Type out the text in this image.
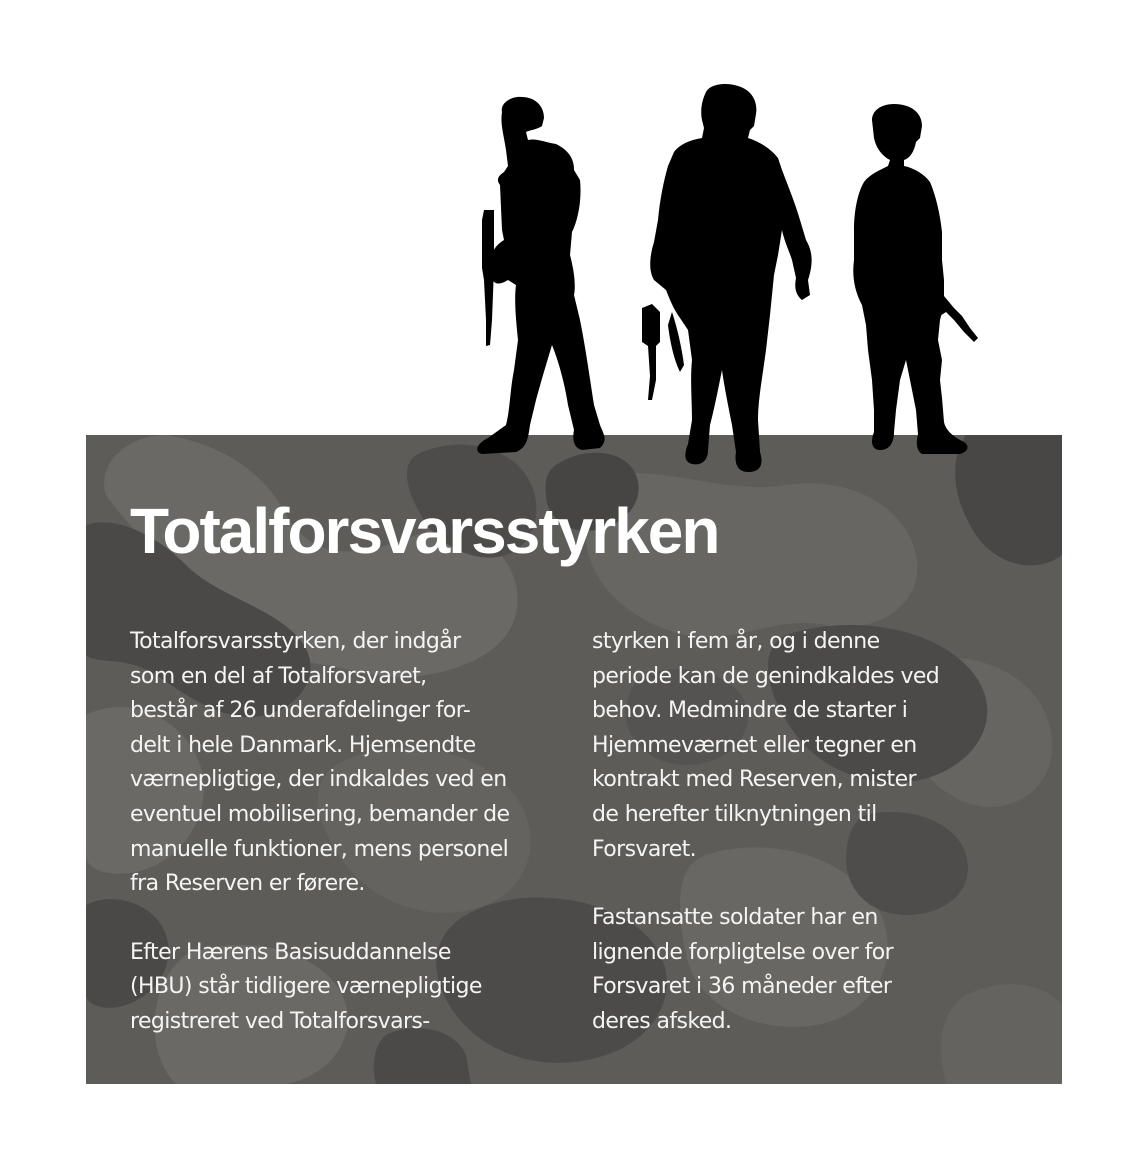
Totalforsvarsstyrken

Totalforsvarsstyrken, der indgår
som en del af Totalforsvaret,
består af 26 underafdelinger for-
delt i hele Danmark. Hjemsendte
værnepligtige, der indkaldes ved en
eventuel mobilisering, bemander de
manuelle funktioner, mens personel
fra Reserven er førere.

Efter Hærens Basisuddannelse
(HBU) står tidligere værnepligtige
registreret ved Totalforsvars-

styrken i fem år, og i denne
periode kan de genindkaldes ved
behov. Medmindre de starter i
Hjemmeværnet eller tegner en
kontrakt med Reserven, mister
de herefter tilknytningen til
Forsvaret.

Fastansatte soldater har en
lignende forpligtelse over for
Forsvaret i 36 måneder efter
deres afsked.
